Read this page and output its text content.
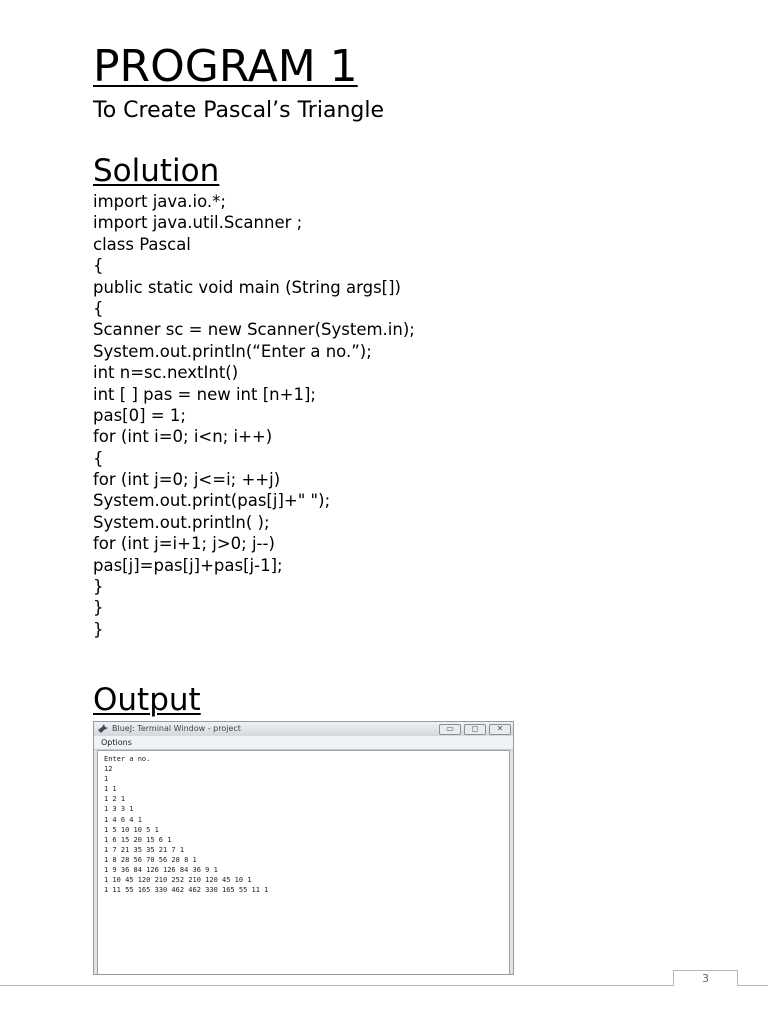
PROGRAM 1
To Create Pascal’s Triangle
Solution
import java.io.*;
import java.util.Scanner ;
class Pascal
{
public static void main (String args[])
{
Scanner sc = new Scanner(System.in);
System.out.println(“Enter a no.”);
int n=sc.nextInt()
int [ ] pas = new int [n+1];
pas[0] = 1;
for (int i=0; i<n; i++)
{
for (int j=0; j<=i; ++j)
System.out.print(pas[j]+" ");
System.out.println( );
for (int j=i+1; j>0; j--)
pas[j]=pas[j]+pas[j-1];
}
}
}
Output
BlueJ: Terminal Window - project	▭	◻	✕
Options
Enter a no.
12
1
1 1
1 2 1
1 3 3 1
1 4 6 4 1
1 5 10 10 5 1
1 6 15 20 15 6 1
1 7 21 35 35 21 7 1
1 8 28 56 70 56 28 8 1
1 9 36 84 126 126 84 36 9 1
1 10 45 120 210 252 210 120 45 10 1
1 11 55 165 330 462 462 330 165 55 11 1
3
